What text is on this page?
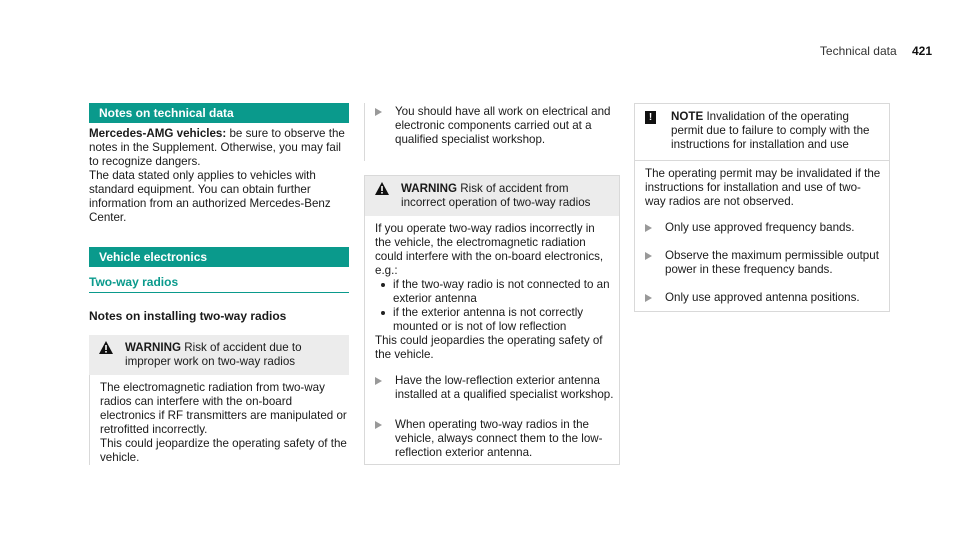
Technical data 421
Notes on technical data

Mercedes-AMG vehicles: be sure to observe the notes in the Supplement. Otherwise, you may fail to recognize dangers.

The data stated only applies to vehicles with standard equipment. You can obtain further information from an authorized Mercedes-Benz Center.

Vehicle electronics
Two-way radios
Notes on installing two-way radios
WARNING Risk of accident due to improper work on two-way radios

The electromagnetic radiation from two-way radios can interfere with the on-board electronics if RF transmitters are manipulated or retrofitted incorrectly.

This could jeopardize the operating safety of the vehicle.

You should have all work on electrical and electronic components carried out at a qualified specialist workshop.
WARNING Risk of accident from incorrect operation of two-way radios

If you operate two-way radios incorrectly in the vehicle, the electromagnetic radiation could interfere with the on-board electronics, e.g.:

if the two-way radio is not connected to an exterior antenna
if the exterior antenna is not correctly mounted or is not of low reflection

This could jeopardies the operating safety of the vehicle.

Have the low-reflection exterior antenna installed at a qualified specialist workshop.
When operating two-way radios in the vehicle, always connect them to the low-reflection exterior antenna.
!	NOTE Invalidation of the operating permit due to failure to comply with the instructions for installation and use

The operating permit may be invalidated if the instructions for installation and use of two-way radios are not observed.

Only use approved frequency bands.
Observe the maximum permissible output power in these frequency bands.
Only use approved antenna positions.
